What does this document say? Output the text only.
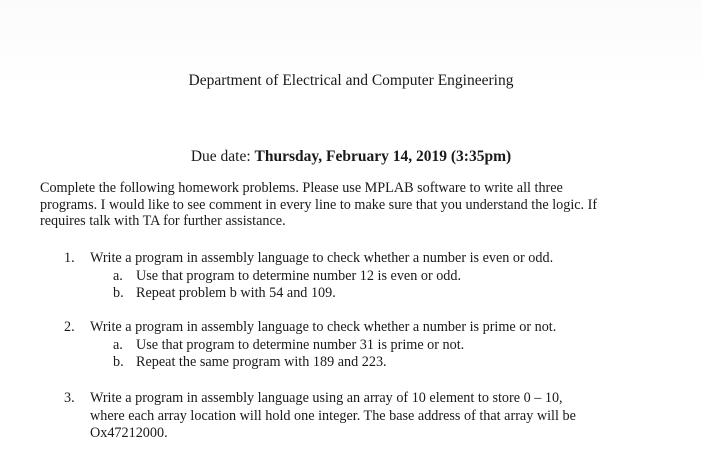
Department of Electrical and Computer Engineering
Due date: Thursday, February 14, 2019 (3:35pm)

Complete the following homework problems. Please use MPLAB software to write all three

programs. I would like to see comment in every line to make sure that you understand the logic. If

requires talk with TA for further assistance.

1.	Write a program in assembly language to check whether a number is even or odd.
a. Use that program to determine number 12 is even or odd.
b. Repeat problem b with 54 and 109.
2.	Write a program in assembly language to check whether a number is prime or not.
a. Use that program to determine number 31 is prime or not.
b. Repeat the same program with 189 and 223.
3.	Write a program in assembly language using an array of 10 element to store 0 – 10,
where each array location will hold one integer. The base address of that array will be
Ox47212000.
